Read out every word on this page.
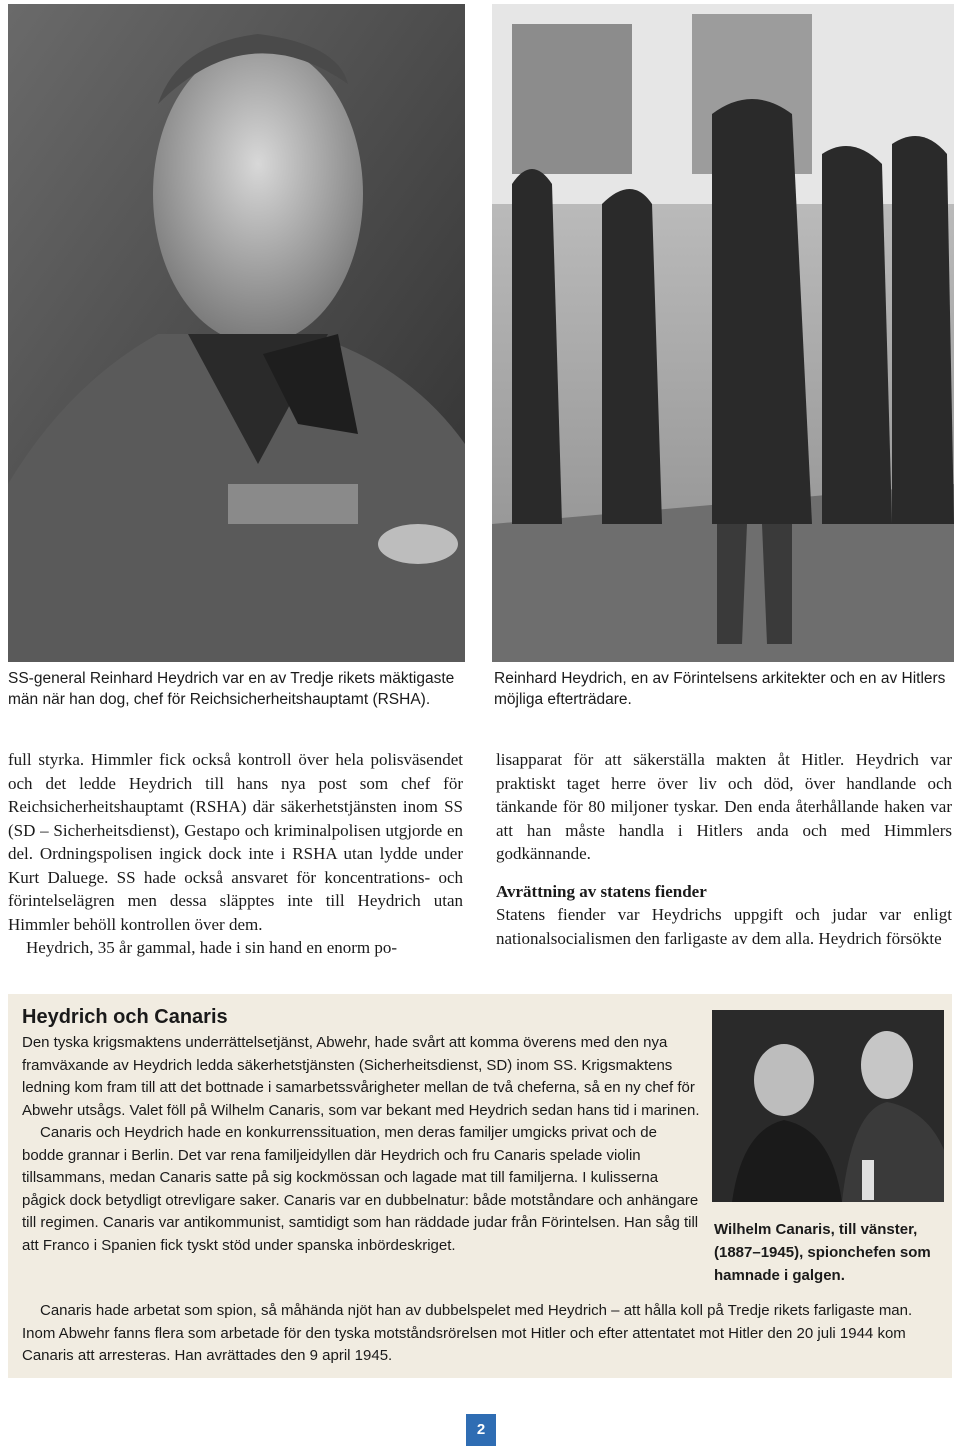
SS-general Reinhard Heydrich var en av Tredje rikets mäktigaste män när han dog, chef för Reichsicherheitshauptamt (RSHA).

Reinhard Heydrich, en av Förintelsens arkitekter och en av Hitlers möjliga efterträdare.

full styrka. Himmler fick också kontroll över hela polisväsendet och det ledde Heydrich till hans nya post som chef för Reichsicherheitshauptamt (RSHA) där säkerhetstjänsten inom SS (SD – Sicherheitsdienst), Gestapo och kriminalpolisen utgjorde en del. Ordningspolisen ingick dock inte i RSHA utan lydde under Kurt Daluege. SS hade också ansvaret för koncentrations- och förintelselägren men dessa släpptes inte till Heydrich utan Himmler behöll kontrollen över dem.

Heydrich, 35 år gammal, hade i sin hand en enorm po-

lisapparat för att säkerställa makten åt Hitler. Heydrich var praktiskt taget herre över liv och död, över handlande och tänkande för 80 miljoner tyskar. Den enda återhållande haken var att han måste handla i Hitlers anda och med Himmlers godkännande.

Avrättning av statens fiender

Statens fiender var Heydrichs uppgift och judar var enligt nationalsocialismen den farligaste av dem alla. Heydrich försökte

Heydrich och Canaris

Den tyska krigsmaktens underrättelsetjänst, Abwehr, hade svårt att komma överens med den nya framväxande av Heydrich ledda säkerhetstjänsten (Sicherheitsdienst, SD) inom SS. Krigsmaktens ledning kom fram till att det bottnade i samarbetssvårigheter mellan de två cheferna, så en ny chef för Abwehr utsågs. Valet föll på Wilhelm Canaris, som var bekant med Heydrich sedan hans tid i marinen.

Canaris och Heydrich hade en konkurrenssituation, men deras familjer umgicks privat och de bodde grannar i Berlin. Det var rena familjeidyllen där Heydrich och fru Canaris spelade violin tillsammans, medan Canaris satte på sig kockmössan och lagade mat till familjerna. I kulisserna pågick dock betydligt otrevligare saker. Canaris var en dubbelnatur: både motståndare och anhängare till regimen. Canaris var antikommunist, samtidigt som han räddade judar från Förintelsen. Han såg till att Franco i Spanien fick tyskt stöd under spanska inbördeskriget.

Canaris hade arbetat som spion, så måhända njöt han av dubbelspelet med Heydrich – att hålla koll på Tredje rikets farligaste man. Inom Abwehr fanns flera som arbetade för den tyska motståndsrörelsen mot Hitler och efter attentatet mot Hitler den 20 juli 1944 kom Canaris att arresteras. Han avrättades den 9 april 1945.

Wilhelm Canaris, till vänster, (1887–1945), spionchefen som hamnade i galgen.
2
